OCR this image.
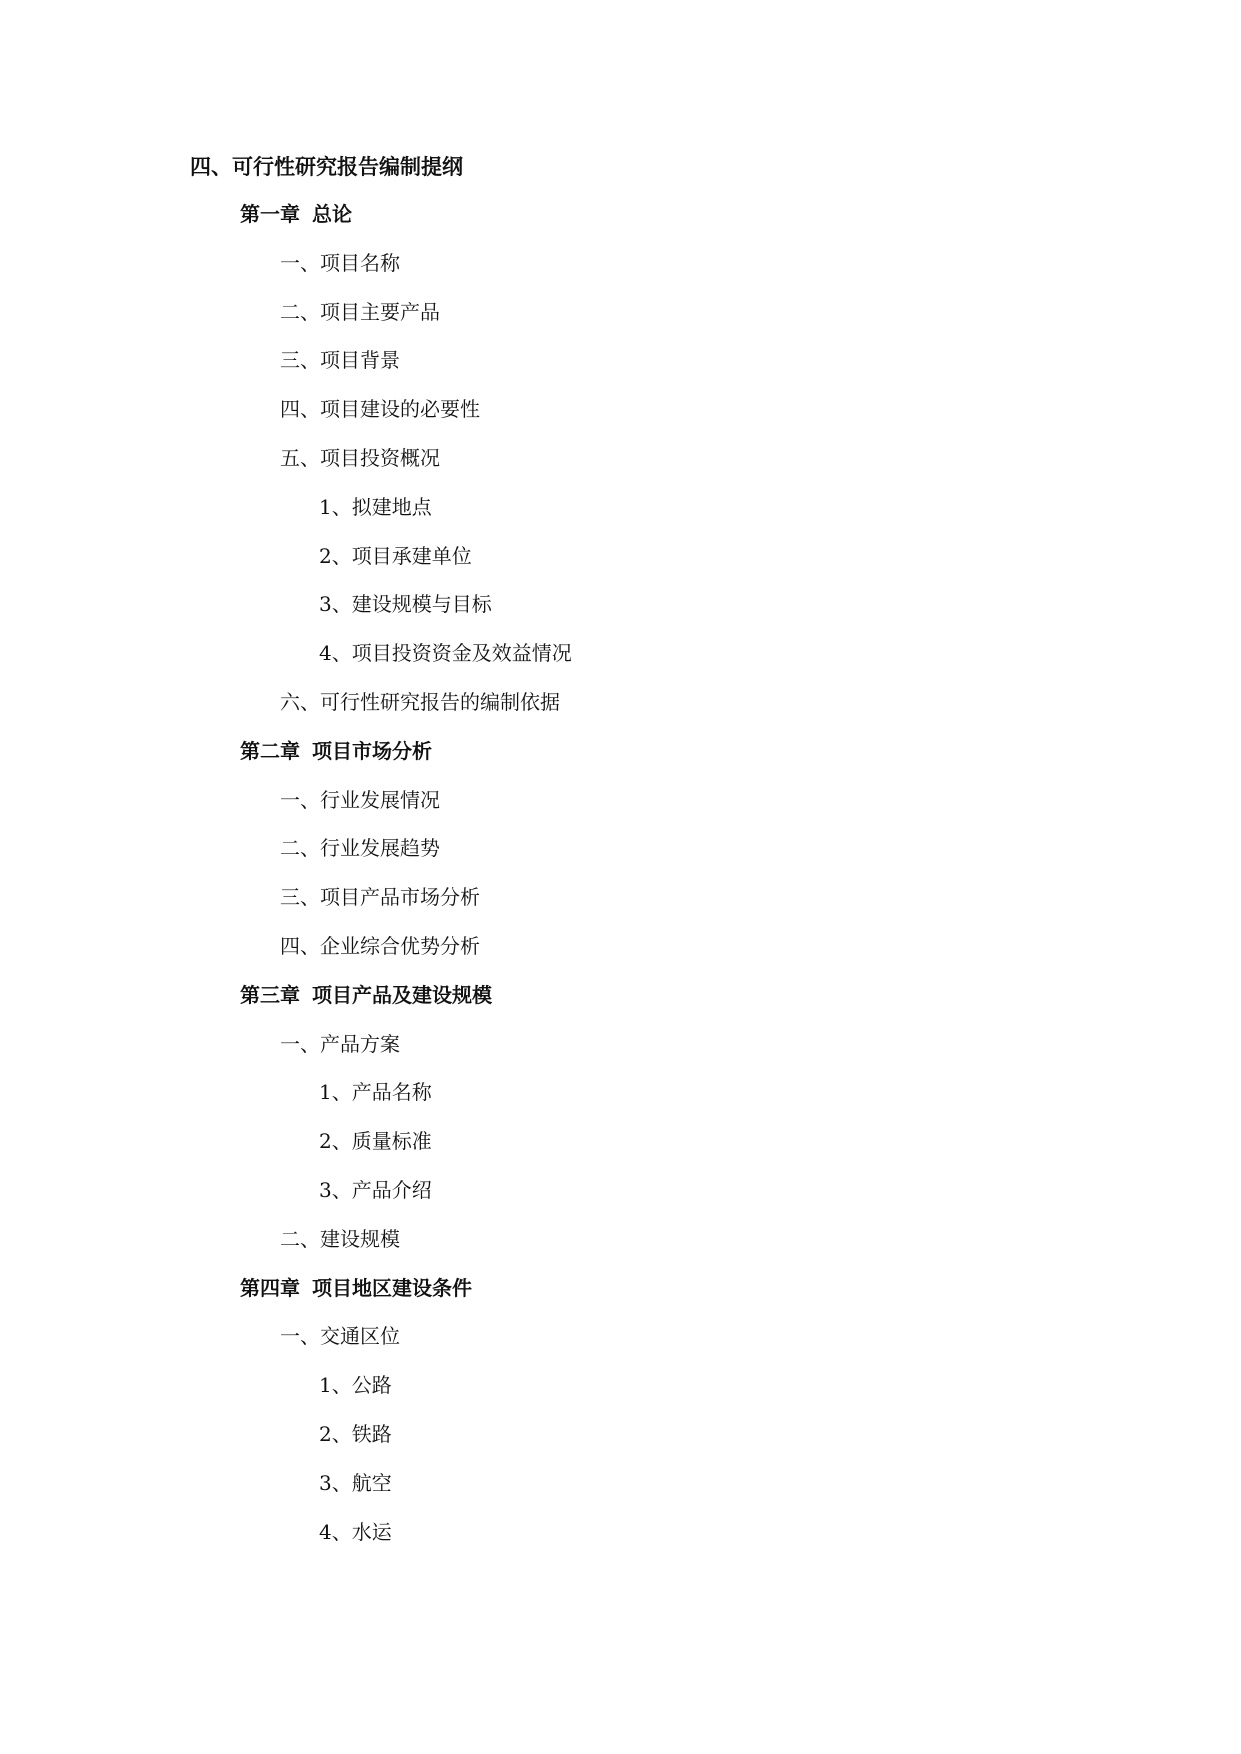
四、可行性研究报告编制提纲
第一章 总论
一、项目名称
二、项目主要产品
三、项目背景
四、项目建设的必要性
五、项目投资概况
1、拟建地点
2、项目承建单位
3、建设规模与目标
4、项目投资资金及效益情况
六、可行性研究报告的编制依据
第二章 项目市场分析
一、行业发展情况
二、行业发展趋势
三、项目产品市场分析
四、企业综合优势分析
第三章 项目产品及建设规模
一、产品方案
1、产品名称
2、质量标准
3、产品介绍
二、建设规模
第四章 项目地区建设条件
一、交通区位
1、公路
2、铁路
3、航空
4、水运
